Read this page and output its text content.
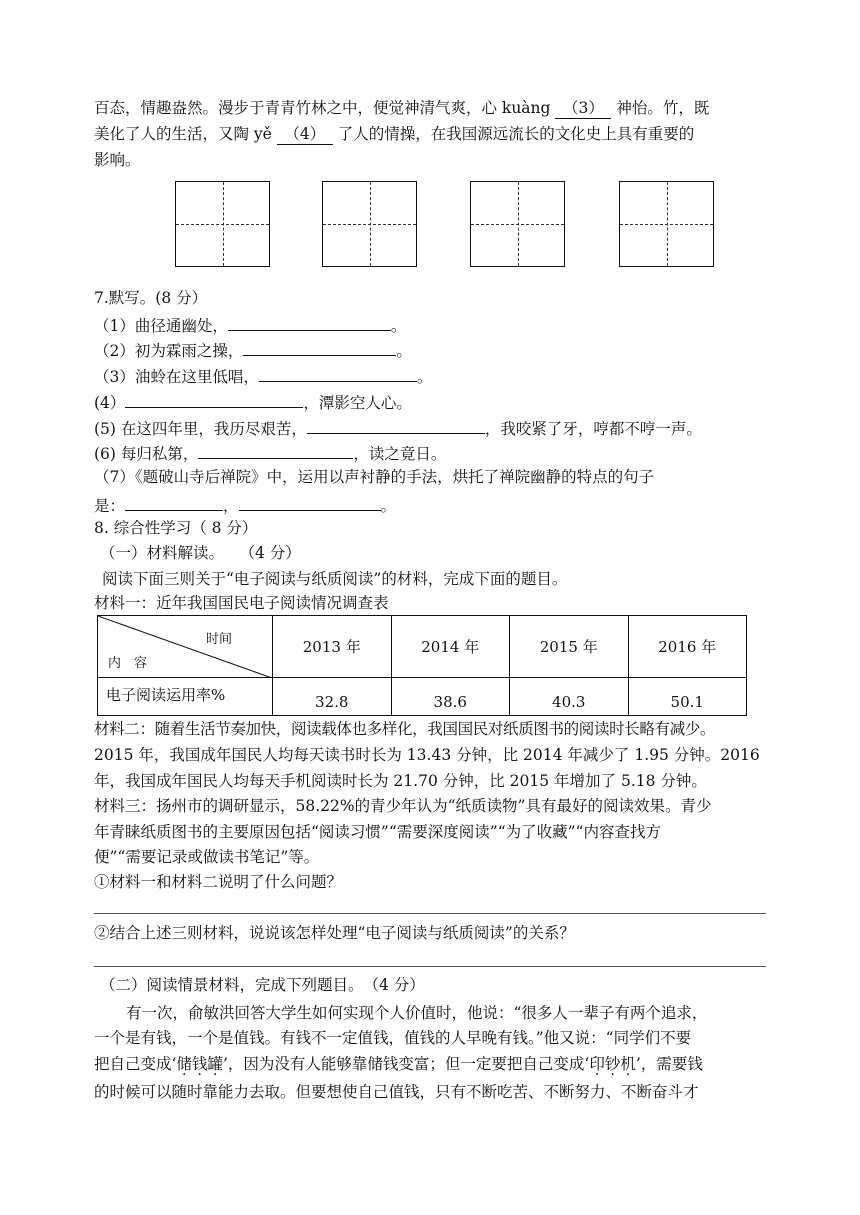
百态，情趣盎然。漫步于青青竹林之中，便觉神清气爽，心 kuàng （3） 神怡。竹，既
美化了人的生活，又陶 yě （4） 了人的情操，在我国源远流长的文化史上具有重要的
影响。
7.默写。(8 分）
（1）曲径通幽处，	。
（2）初为霖雨之操，	。
（3）油蛉在这里低唱，	。
(4）	，潭影空人心。
(5) 在这四年里，我历尽艰苦，	，我咬紧了牙，哼都不哼一声。
(6) 每归私第，	，读之竟日。
（7）《题破山寺后禅院》中，运用以声衬静的手法，烘托了禅院幽静的特点的句子
是：	，	。
8. 综合性学习（ 8 分）
（一）材料解读。　　（4 分）
阅读下面三则关于“电子阅读与纸质阅读”的材料，完成下面的题目。
材料一：近年我国国民电子阅读情况调查表
时间
内　容	2013 年	2014 年	2015 年	2016 年
电子阅读运用率%	32.8	38.6	40.3	50.1
材料二：随着生活节奏加快，阅读载体也多样化，我国国民对纸质图书的阅读时长略有减少。
2015 年，我国成年国民人均每天读书时长为 13.43 分钟，比 2014 年减少了 1.95 分钟。2016
年，我国成年国民人均每天手机阅读时长为 21.70 分钟，比 2015 年增加了 5.18 分钟。
材料三：扬州市的调研显示，58.22%的青少年认为“纸质读物”具有最好的阅读效果。青少
年青睐纸质图书的主要原因包括“阅读习惯”“需要深度阅读”“为了收藏”“内容查找方
便”“需要记录或做读书笔记”等。
①材料一和材料二说明了什么问题？
②结合上述三则材料，说说该怎样处理“电子阅读与纸质阅读”的关系？
（二）阅读情景材料，完成下列题目。　（4 分）
有一次，俞敏洪回答大学生如何实现个人价值时，他说：“很多人一辈子有两个追求，
一个是有钱，一个是值钱。有钱不一定值钱，值钱的人早晚有钱。”他又说：“同学们不要
把自己变成‘储钱罐’，因为没有人能够靠储钱变富；但一定要把自己变成‘印钞机’，需要钱
的时候可以随时靠能力去取。但要想使自己值钱，只有不断吃苦、不断努力、不断奋斗才
